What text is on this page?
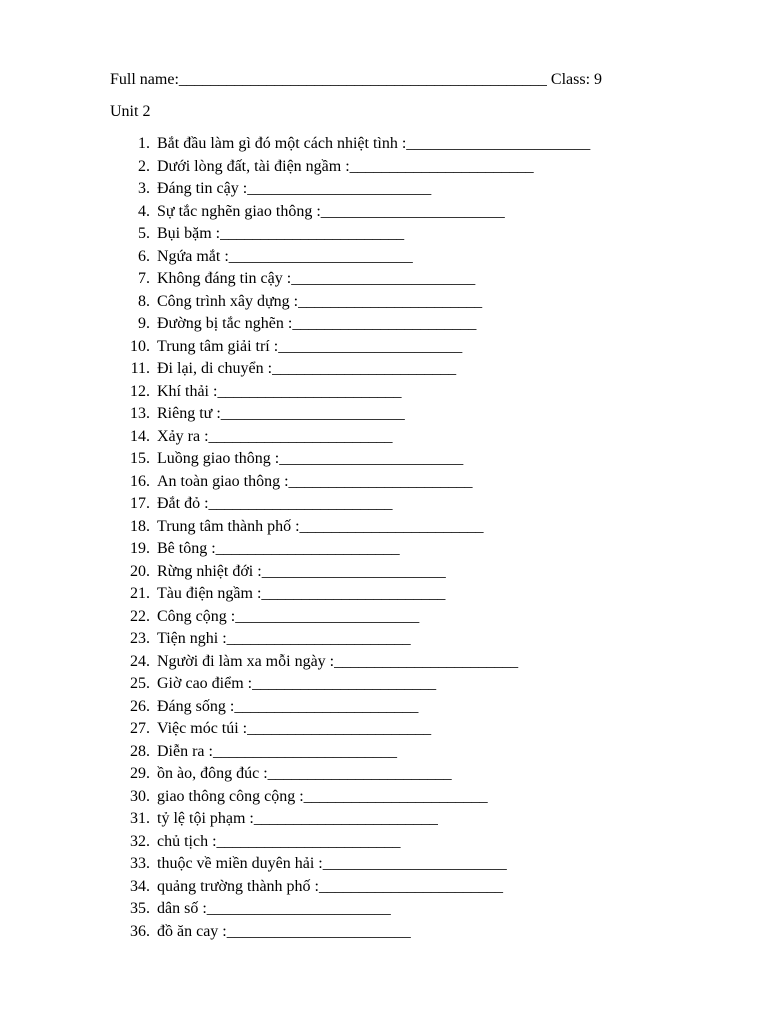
Full name:______________________________________________ Class: 9
Unit 2
1. Bắt đầu làm gì đó một cách nhiệt tình :_______________________
2. Dưới lòng đất, tài điện ngầm :_______________________
3. Đáng tin cậy :_______________________
4. Sự tắc nghẽn giao thông :_______________________
5. Bụi bặm :_______________________
6. Ngứa mắt :_______________________
7. Không đáng tin cậy :_______________________
8. Công trình xây dựng :_______________________
9. Đường bị tắc nghẽn :_______________________
10. Trung tâm giải trí :_______________________
11. Đi lại, di chuyển :_______________________
12. Khí thải :_______________________
13. Riêng tư :_______________________
14. Xảy ra :_______________________
15. Luồng giao thông :_______________________
16. An toàn giao thông :_______________________
17. Đắt đỏ :_______________________
18. Trung tâm thành phố :_______________________
19. Bê tông :_______________________
20. Rừng nhiệt đới :_______________________
21. Tàu điện ngầm :_______________________
22. Công cộng :_______________________
23. Tiện nghi :_______________________
24. Người đi làm xa mỗi ngày :_______________________
25. Giờ cao điểm :_______________________
26. Đáng sống :_______________________
27. Việc móc túi :_______________________
28. Diễn ra :_______________________
29. ồn ào, đông đúc :_______________________
30. giao thông công cộng :_______________________
31. tỷ lệ tội phạm :_______________________
32. chủ tịch :_______________________
33. thuộc về miền duyên hải :_______________________
34. quảng trường thành phố :_______________________
35. dân số :_______________________
36. đồ ăn cay :_______________________
